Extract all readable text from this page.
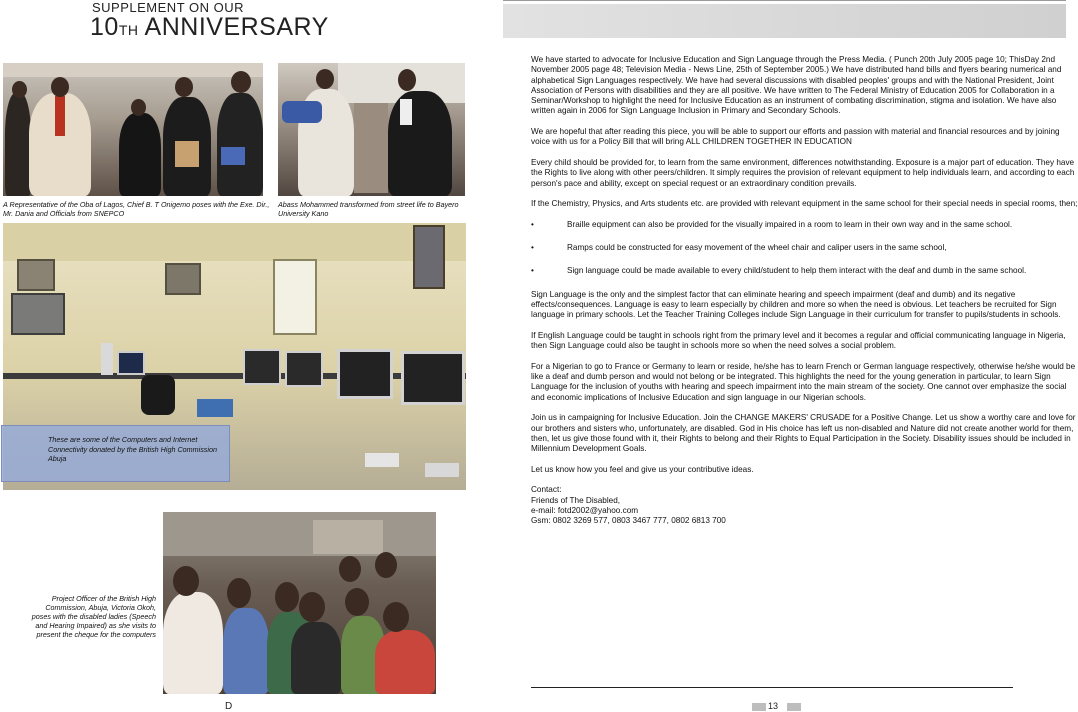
SUPPLEMENT ON OUR
10TH ANNIVERSARY
A Representative of the Oba of Lagos, Chief B. T Onigemo poses with the Exe. Dir., Mr. Dania and Officials from SNEPCO
Abass Mohammed transformed from street life to Bayero University Kano
These are some of the Computers and Internet Connectivity donated by the British High Commission Abuja
Project Officer of the British High Commission, Abuja, Victoria Okoh, poses with the disabled ladies (Speech and Hearing Impaired) as she visits to present the cheque for the computers
D

We have started to advocate for Inclusive Education and Sign Language through the Press Media. ( Punch 20th July 2005 page 10; ThisDay 2nd November 2005 page 48; Television Media - News Line, 25th of September 2005.) We have distributed hand bills and flyers bearing numerical and alphabetical Sign Languages respectively. We have had several discussions with disabled peoples' groups and with the National President, Joint Association of Persons with disabilities and they are all positive. We have written to The Federal Ministry of Education 2005 for Collaboration in a Seminar/Workshop to highlight the need for Inclusive Education as an instrument of combating discrimination, stigma and isolation. We have also written again in 2006 for Sign Language Inclusion in Primary and Secondary Schools.

We are hopeful that after reading this piece, you will be able to support our efforts and passion with material and financial resources and by joining voice with us for a Policy Bill that will bring ALL CHILDREN TOGETHER IN EDUCATION

Every child should be provided for, to learn from the same environment, differences notwithstanding. Exposure is a major part of education. They have the Rights to live along with other peers/children. It simply requires the provision of relevant equipment to help individuals learn, and according to each person's pace and ability, except on special request or an extraordinary condition prevails.

If the Chemistry, Physics, and Arts students etc. are provided with relevant equipment in the same school for their special needs in special rooms, then;

•	Braille equipment can also be provided for the visually impaired in a room to learn in their own way and in the same school.
•	Ramps could be constructed for easy movement of the wheel chair and caliper users in the same school,
•	Sign language could be made available to every child/student to help them interact with the deaf and dumb in the same school.

Sign Language is the only and the simplest factor that can eliminate hearing and speech impairment (deaf and dumb) and its negative effects/consequences. Language is easy to learn especially by children and more so when the need is obvious. Let teachers be recruited for Sign language in primary schools. Let the Teacher Training Colleges include Sign Language in their curriculum for transfer to pupils/students in schools.

If English Language could be taught in schools right from the primary level and it becomes a regular and official communicating language in Nigeria, then Sign Language could also be taught in schools more so when the need solves a social problem.

For a Nigerian to go to France or Germany to learn or reside, he/she has to learn French or German language respectively, otherwise he/she would be like a deaf and dumb person and would not belong or be integrated. This highlights the need for the young generation in particular, to learn Sign Language for the inclusion of youths with hearing and speech impairment into the main stream of the society. One cannot over emphasize the social and economic implications of Inclusive Education and sign language in our Nigerian schools.

Join us in campaigning for Inclusive Education. Join the CHANGE MAKERS' CRUSADE for a Positive Change. Let us show a worthy care and love for our brothers and sisters who, unfortunately, are disabled. God in His choice has left us non-disabled and Nature did not create another world for them, then, let us give those found with it, their Rights to belong and their Rights to Equal Participation in the Society. Disability issues should be included in Millennium Development Goals.

Let us know how you feel and give us your contributive ideas.

Contact:
Friends of The Disabled,
e-mail: fotd2002@yahoo.com
Gsm: 0802 3269 577, 0803 3467 777, 0802 6813 700
13
